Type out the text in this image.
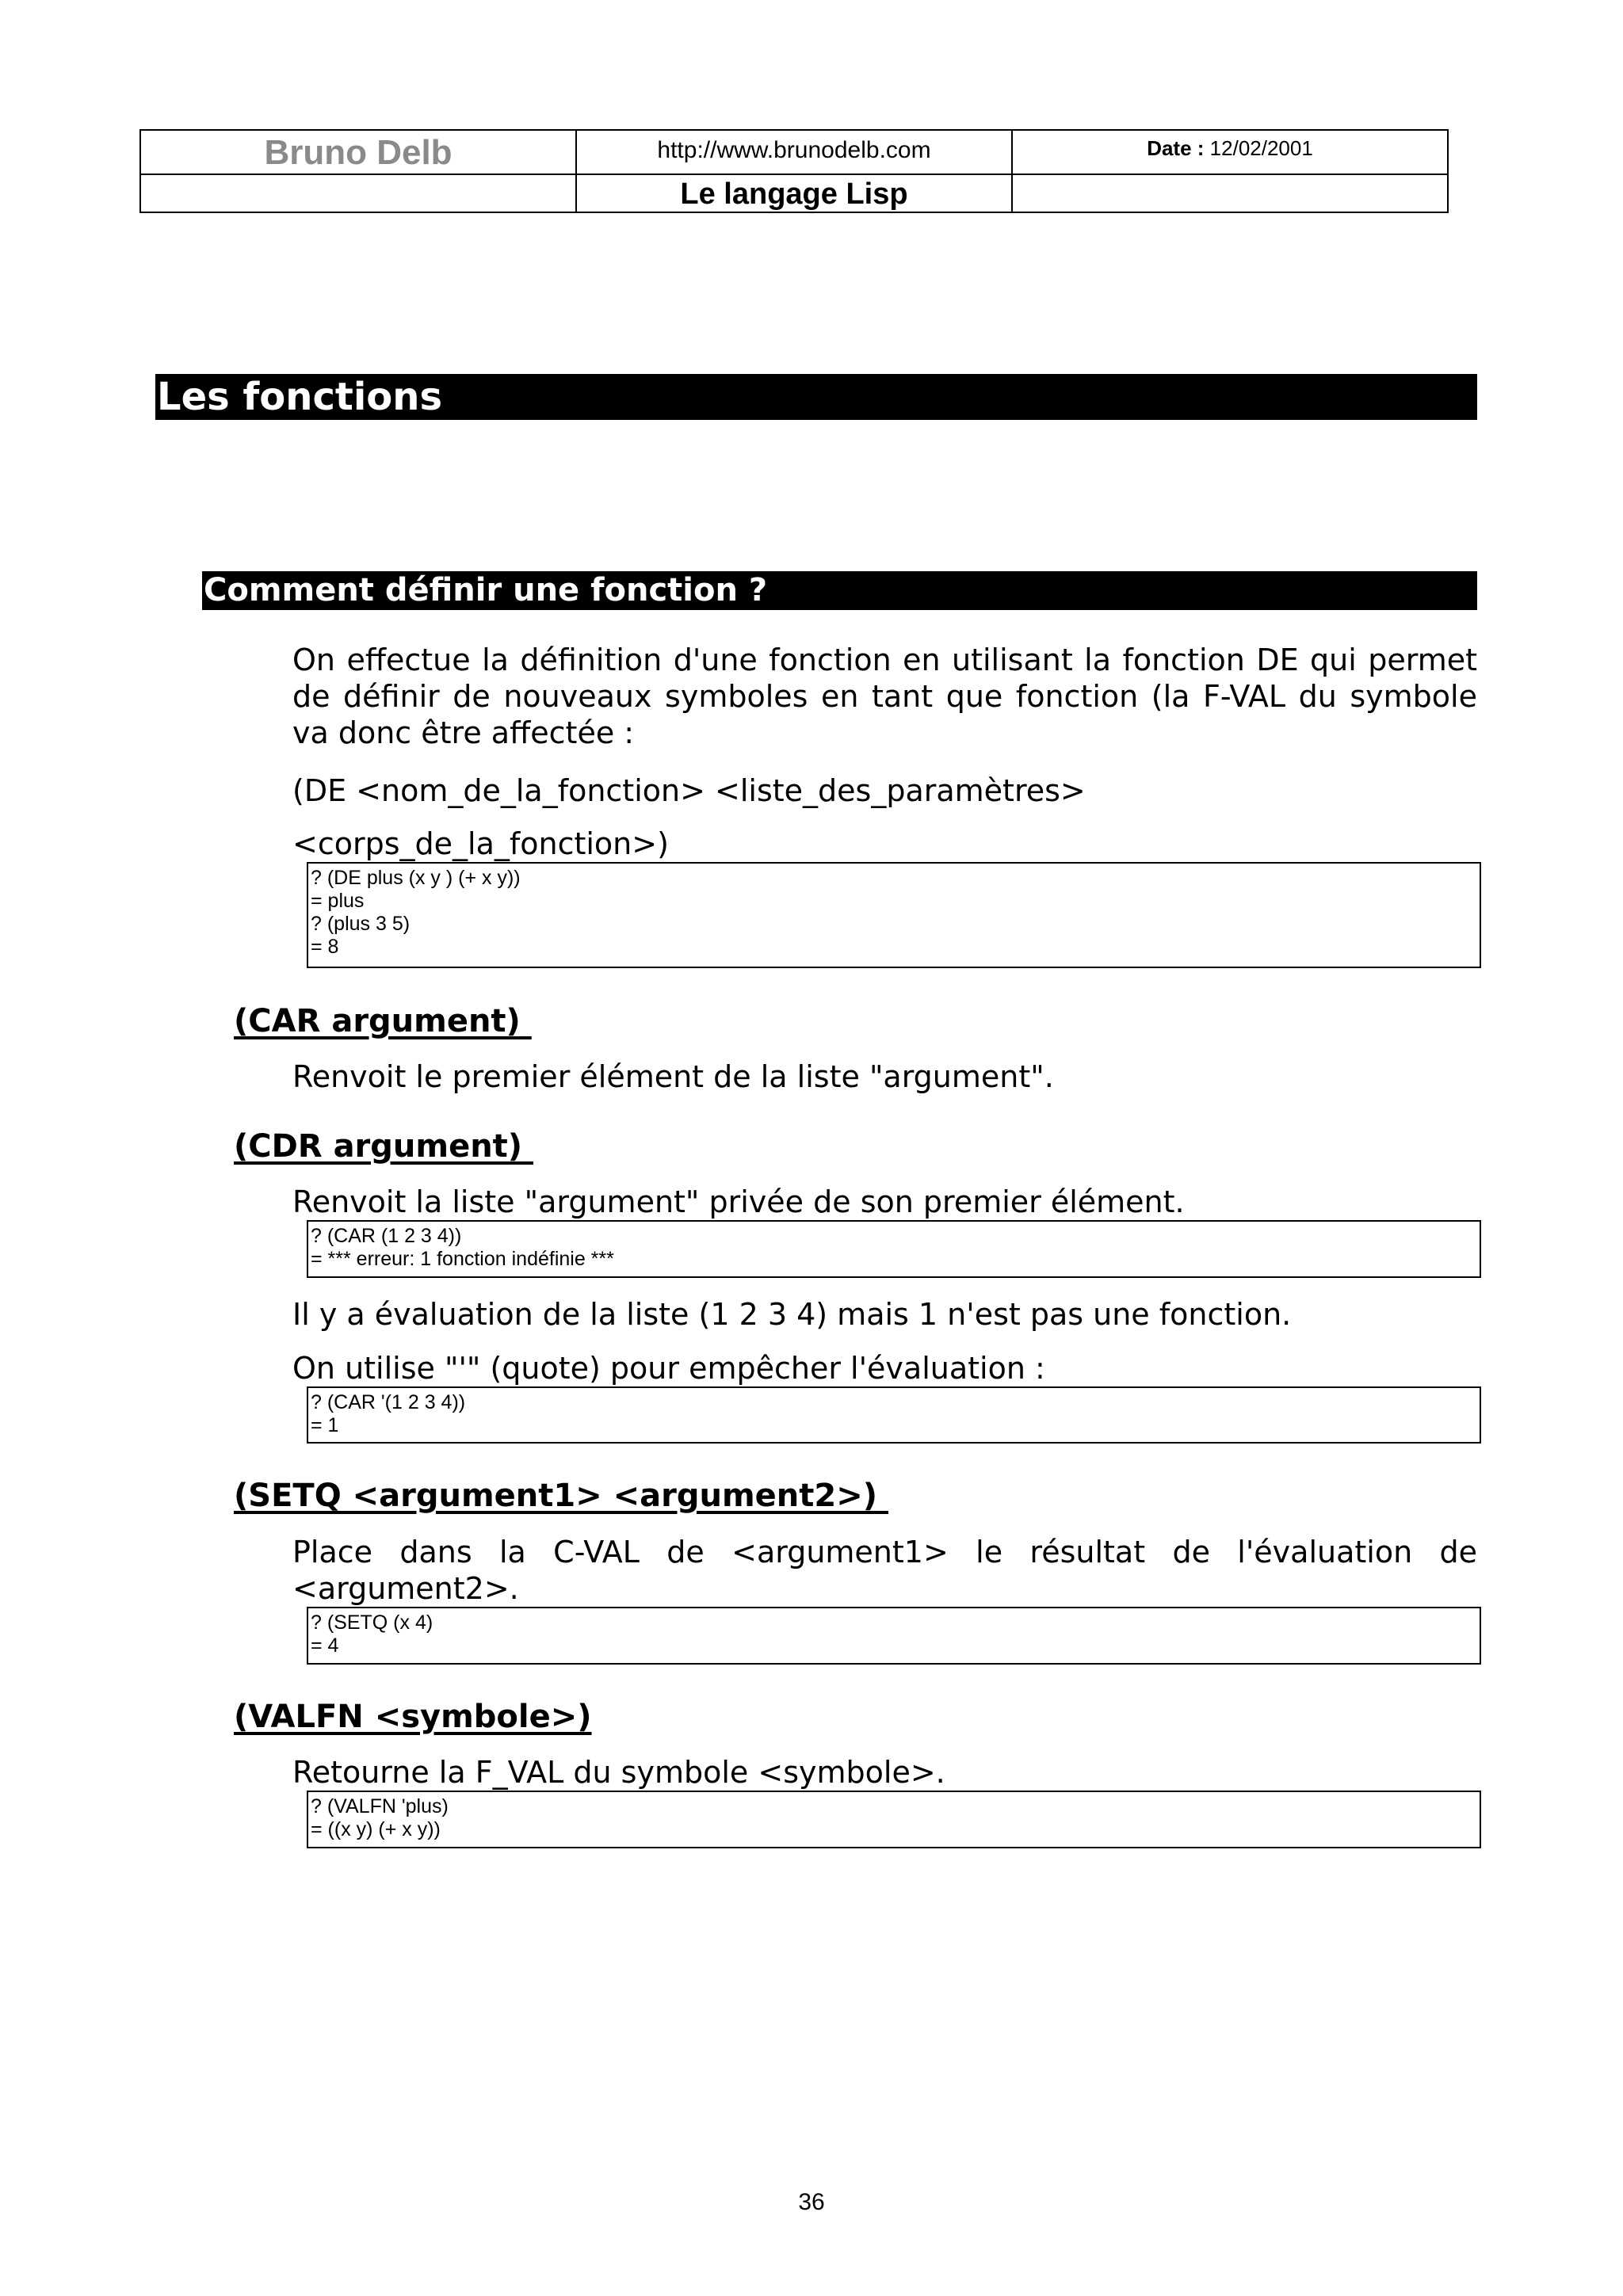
Bruno Delb	http://www.brunodelb.com	Date : 12/02/2001
Le langage Lisp
Les fonctions
Comment définir une fonction ?
On effectue la définition d'une fonction en utilisant la fonction DE qui permet
de définir de nouveaux symboles en tant que fonction (la F-VAL du symbole
va donc être affectée :
(DE <nom_de_la_fonction> <liste_des_paramètres>
<corps_de_la_fonction>)
? (DE plus (x y ) (+ x y))
= plus
? (plus 3 5)
= 8
(CAR argument)
Renvoit le premier élément de la liste "argument".
(CDR argument)
Renvoit la liste "argument" privée de son premier élément.
? (CAR (1 2 3 4))
= *** erreur: 1 fonction indéfinie ***
Il y a évaluation de la liste (1 2 3 4) mais 1 n'est pas une fonction.
On utilise "'" (quote) pour empêcher l'évaluation :
? (CAR '(1 2 3 4))
= 1
(SETQ <argument1> <argument2>)
Place dans la C-VAL de <argument1> le résultat de l'évaluation de
<argument2>.
? (SETQ (x 4)
= 4
(VALFN <symbole>)
Retourne la F_VAL du symbole <symbole>.
? (VALFN 'plus)
= ((x y) (+ x y))
36
